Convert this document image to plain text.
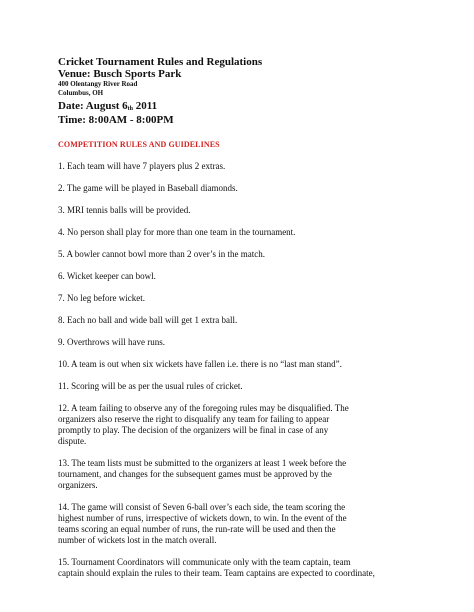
Cricket Tournament Rules and Regulations
Venue: Busch Sports Park
400 Olentangy River Road
Columbus, OH
Date: August 6th 2011
Time: 8:00AM - 8:00PM
COMPETITION RULES AND GUIDELINES
1. Each team will have 7 players plus 2 extras.
2. The game will be played in Baseball diamonds.
3. MRI tennis balls will be provided.
4. No person shall play for more than one team in the tournament.
5. A bowler cannot bowl more than 2 over’s in the match.
6. Wicket keeper can bowl.
7. No leg before wicket.
8. Each no ball and wide ball will get 1 extra ball.
9. Overthrows will have runs.
10. A team is out when six wickets have fallen i.e. there is no “last man stand”.
11. Scoring will be as per the usual rules of cricket.
12. A team failing to observe any of the foregoing rules may be disqualified. The
organizers also reserve the right to disqualify any team for failing to appear
promptly to play. The decision of the organizers will be final in case of any
dispute.
13. The team lists must be submitted to the organizers at least 1 week before the
tournament, and changes for the subsequent games must be approved by the
organizers.
14. The game will consist of Seven 6-ball over’s each side, the team scoring the
highest number of runs, irrespective of wickets down, to win. In the event of the
teams scoring an equal number of runs, the run-rate will be used and then the
number of wickets lost in the match overall.
15. Tournament Coordinators will communicate only with the team captain, team
captain should explain the rules to their team. Team captains are expected to coordinate,
